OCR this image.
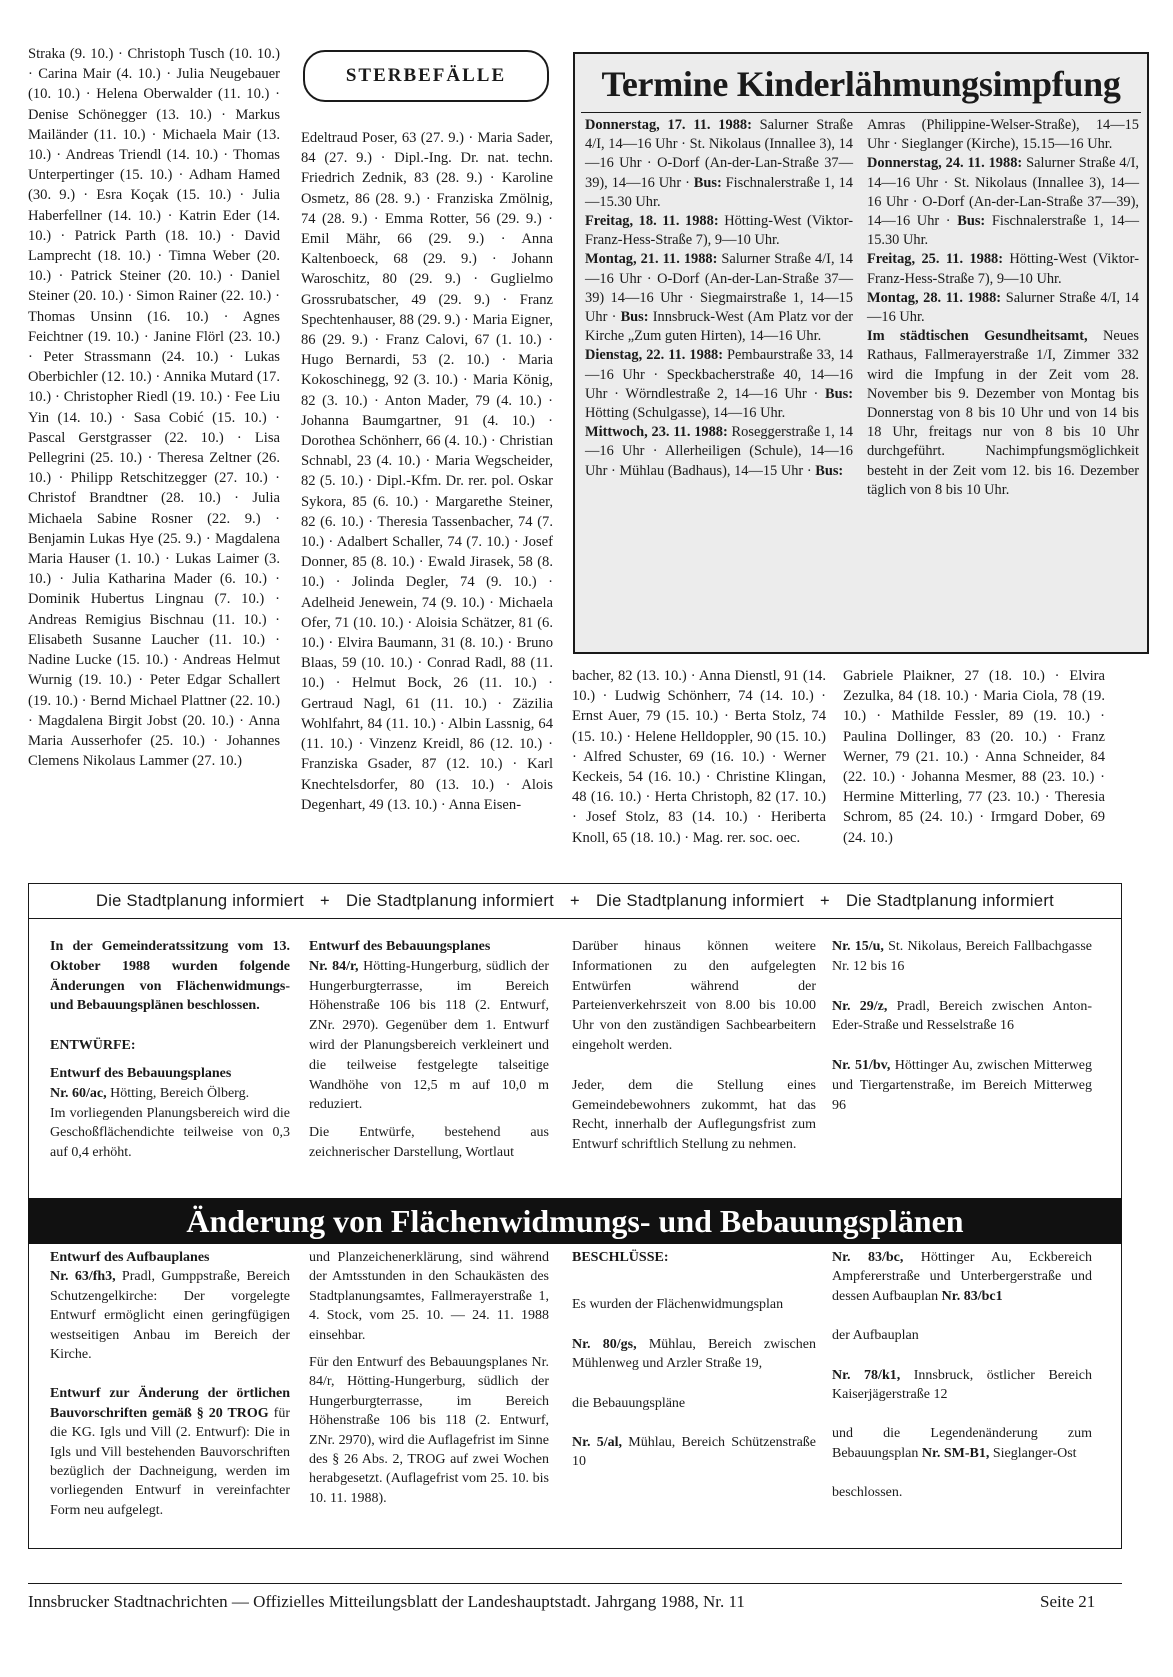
Straka (9. 10.) · Christoph Tusch (10. 10.) · Carina Mair (4. 10.) · Julia Neugebauer (10. 10.) · Helena Oberwalder (11. 10.) · Denise Schönegger (13. 10.) · Markus Mailänder (11. 10.) · Michaela Mair (13. 10.) · Andreas Triendl (14. 10.) · Thomas Unterpertinger (15. 10.) · Adham Hamed (30. 9.) · Esra Koçak (15. 10.) · Julia Haberfellner (14. 10.) · Katrin Eder (14. 10.) · Patrick Parth (18. 10.) · David Lamprecht (18. 10.) · Timna Weber (20. 10.) · Patrick Steiner (20. 10.) · Daniel Steiner (20. 10.) · Simon Rainer (22. 10.) · Thomas Unsinn (16. 10.) · Agnes Feichtner (19. 10.) · Janine Flörl (23. 10.) · Peter Strassmann (24. 10.) · Lukas Oberbichler (12. 10.) · Annika Mutard (17. 10.) · Christopher Riedl (19. 10.) · Fee Liu Yin (14. 10.) · Sasa Cobić (15. 10.) · Pascal Gerstgrasser (22. 10.) · Lisa Pellegrini (25. 10.) · Theresa Zeltner (26. 10.) · Philipp Retschitzegger (27. 10.) · Christof Brandtner (28. 10.) · Julia Michaela Sabine Rosner (22. 9.) · Benjamin Lukas Hye (25. 9.) · Magdalena Maria Hauser (1. 10.) · Lukas Laimer (3. 10.) · Julia Katharina Mader (6. 10.) · Dominik Hubertus Lingnau (7. 10.) · Andreas Remigius Bischnau (11. 10.) · Elisabeth Susanne Laucher (11. 10.) · Nadine Lucke (15. 10.) · Andreas Helmut Wurnig (19. 10.) · Peter Edgar Schallert (19. 10.) · Bernd Michael Plattner (22. 10.) · Magdalena Birgit Jobst (20. 10.) · Anna Maria Ausserhofer (25. 10.) · Johannes Clemens Nikolaus Lammer (27. 10.)

STERBEFÄLLE

Edeltraud Poser, 63 (27. 9.) · Maria Sader, 84 (27. 9.) · Dipl.-Ing. Dr. nat. techn. Friedrich Zednik, 83 (28. 9.) · Karoline Osmetz, 86 (28. 9.) · Franziska Zmölnig, 74 (28. 9.) · Emma Rotter, 56 (29. 9.) · Emil Mähr, 66 (29. 9.) · Anna Kaltenboeck, 68 (29. 9.) · Johann Waroschitz, 80 (29. 9.) · Guglielmo Grossrubatscher, 49 (29. 9.) · Franz Spechtenhauser, 88 (29. 9.) · Maria Eigner, 86 (29. 9.) · Franz Calovi, 67 (1. 10.) · Hugo Bernardi, 53 (2. 10.) · Maria Kokoschinegg, 92 (3. 10.) · Maria König, 82 (3. 10.) · Anton Mader, 79 (4. 10.) · Johanna Baumgartner, 91 (4. 10.) · Dorothea Schönherr, 66 (4. 10.) · Christian Schnabl, 23 (4. 10.) · Maria Wegscheider, 82 (5. 10.) · Dipl.-Kfm. Dr. rer. pol. Oskar Sykora, 85 (6. 10.) · Margarethe Steiner, 82 (6. 10.) · Theresia Tassenbacher, 74 (7. 10.) · Adalbert Schaller, 74 (7. 10.) · Josef Donner, 85 (8. 10.) · Ewald Jirasek, 58 (8. 10.) · Jolinda Degler, 74 (9. 10.) · Adelheid Jenewein, 74 (9. 10.) · Michaela Ofer, 71 (10. 10.) · Aloisia Schätzer, 81 (6. 10.) · Elvira Baumann, 31 (8. 10.) · Bruno Blaas, 59 (10. 10.) · Conrad Radl, 88 (11. 10.) · Helmut Bock, 26 (11. 10.) · Gertraud Nagl, 61 (11. 10.) · Zäzilia Wohlfahrt, 84 (11. 10.) · Albin Lassnig, 64 (11. 10.) · Vinzenz Kreidl, 86 (12. 10.) · Franziska Gsader, 87 (12. 10.) · Karl Knechtelsdorfer, 80 (13. 10.) · Alois Degenhart, 49 (13. 10.) · Anna Eisen-

Termine Kinderlähmungsimpfung

Donnerstag, 17. 11. 1988: Salurner Straße 4/I, 14—16 Uhr · St. Nikolaus (Innallee 3), 14—16 Uhr · O-Dorf (An-der-Lan-Straße 37—39), 14—16 Uhr · Bus: Fischnalerstraße 1, 14—15.30 Uhr.

Freitag, 18. 11. 1988: Hötting-West (Viktor-Franz-Hess-Straße 7), 9—10 Uhr.

Montag, 21. 11. 1988: Salurner Straße 4/I, 14—16 Uhr · O-Dorf (An-der-Lan-Straße 37—39) 14—16 Uhr · Siegmairstraße 1, 14—15 Uhr · Bus: Innsbruck-West (Am Platz vor der Kirche „Zum guten Hirten), 14—16 Uhr.

Dienstag, 22. 11. 1988: Pembaurstraße 33, 14—16 Uhr · Speckbacherstraße 40, 14—16 Uhr · Wörndlestraße 2, 14—16 Uhr · Bus: Hötting (Schulgasse), 14—16 Uhr.

Mittwoch, 23. 11. 1988: Roseggerstraße 1, 14—16 Uhr · Allerheiligen (Schule), 14—16 Uhr · Mühlau (Badhaus), 14—15 Uhr · Bus:

Amras (Philippine-Welser-Straße), 14—15 Uhr · Sieglanger (Kirche), 15.15—16 Uhr.

Donnerstag, 24. 11. 1988: Salurner Straße 4/I, 14—16 Uhr · St. Nikolaus (Innallee 3), 14—16 Uhr · O-Dorf (An-der-Lan-Straße 37—39), 14—16 Uhr · Bus: Fischnalerstraße 1, 14—15.30 Uhr.

Freitag, 25. 11. 1988: Hötting-West (Viktor-Franz-Hess-Straße 7), 9—10 Uhr.

Montag, 28. 11. 1988: Salurner Straße 4/I, 14—16 Uhr.

Im städtischen Gesundheitsamt, Neues Rathaus, Fallmerayerstraße 1/I, Zimmer 332 wird die Impfung in der Zeit vom 28. November bis 9. Dezember von Montag bis Donnerstag von 8 bis 10 Uhr und von 14 bis 18 Uhr, freitags nur von 8 bis 10 Uhr durchgeführt. Nachimpfungsmöglichkeit besteht in der Zeit vom 12. bis 16. Dezember täglich von 8 bis 10 Uhr.

bacher, 82 (13. 10.) · Anna Dienstl, 91 (14. 10.) · Ludwig Schönherr, 74 (14. 10.) · Ernst Auer, 79 (15. 10.) · Berta Stolz, 74 (15. 10.) · Helene Helldoppler, 90 (15. 10.) · Alfred Schuster, 69 (16. 10.) · Werner Keckeis, 54 (16. 10.) · Christine Klingan, 48 (16. 10.) · Herta Christoph, 82 (17. 10.) · Josef Stolz, 83 (14. 10.) · Heriberta Knoll, 65 (18. 10.) · Mag. rer. soc. oec.

Gabriele Plaikner, 27 (18. 10.) · Elvira Zezulka, 84 (18. 10.) · Maria Ciola, 78 (19. 10.) · Mathilde Fessler, 89 (19. 10.) · Paulina Dollinger, 83 (20. 10.) · Franz Werner, 79 (21. 10.) · Anna Schneider, 84 (22. 10.) · Johanna Mesmer, 88 (23. 10.) · Hermine Mitterling, 77 (23. 10.) · Theresia Schrom, 85 (24. 10.) · Irmgard Dober, 69 (24. 10.)

Die Stadtplanung informiert + Die Stadtplanung informiert + Die Stadtplanung informiert + Die Stadtplanung informiert

In der Gemeinderatssitzung vom 13. Oktober 1988 wurden folgende Änderungen von Flächenwidmungs- und Bebauungsplänen beschlossen.

ENTWÜRFE:

Entwurf des Bebauungsplanes

Nr. 60/ac, Hötting, Bereich Ölberg.

Im vorliegenden Planungsbereich wird die Geschoßflächendichte teilweise von 0,3 auf 0,4 erhöht.

Entwurf des Bebauungsplanes

Nr. 84/r, Hötting-Hungerburg, südlich der Hungerburgterrasse, im Bereich Höhenstraße 106 bis 118 (2. Entwurf, ZNr. 2970). Gegenüber dem 1. Entwurf wird der Planungsbereich verkleinert und die teilweise festgelegte talseitige Wandhöhe von 12,5 m auf 10,0 m reduziert.

Die Entwürfe, bestehend aus zeichnerischer Darstellung, Wortlaut

Darüber hinaus können weitere Informationen zu den aufgelegten Entwürfen während der Parteienverkehrszeit von 8.00 bis 10.00 Uhr von den zuständigen Sachbearbeitern eingeholt werden.

Jeder, dem die Stellung eines Gemeindebewohners zukommt, hat das Recht, innerhalb der Auflegungsfrist zum Entwurf schriftlich Stellung zu nehmen.

Nr. 15/u, St. Nikolaus, Bereich Fallbachgasse Nr. 12 bis 16

Nr. 29/z, Pradl, Bereich zwischen Anton-Eder-Straße und Resselstraße 16

Nr. 51/bv, Höttinger Au, zwischen Mitterweg und Tiergartenstraße, im Bereich Mitterweg 96

Änderung von Flächenwidmungs- und Bebauungsplänen

Entwurf des Aufbauplanes

Nr. 63/fh3, Pradl, Gumppstraße, Bereich Schutzengelkirche: Der vorgelegte Entwurf ermöglicht einen geringfügigen westseitigen Anbau im Bereich der Kirche.

Entwurf zur Änderung der örtlichen Bauvorschriften gemäß § 20 TROG für die KG. Igls und Vill (2. Entwurf): Die in Igls und Vill bestehenden Bauvorschriften bezüglich der Dachneigung, werden im vorliegenden Entwurf in vereinfachter Form neu aufgelegt.

und Planzeichenerklärung, sind während der Amtsstunden in den Schaukästen des Stadtplanungsamtes, Fallmerayerstraße 1, 4. Stock, vom 25. 10. — 24. 11. 1988 einsehbar.

Für den Entwurf des Bebauungsplanes Nr. 84/r, Hötting-Hungerburg, südlich der Hungerburgterrasse, im Bereich Höhenstraße 106 bis 118 (2. Entwurf, ZNr. 2970), wird die Auflagefrist im Sinne des § 26 Abs. 2, TROG auf zwei Wochen herabgesetzt. (Auflagefrist vom 25. 10. bis 10. 11. 1988).

BESCHLÜSSE:

Es wurden der Flächenwidmungsplan

Nr. 80/gs, Mühlau, Bereich zwischen Mühlenweg und Arzler Straße 19,

die Bebauungspläne

Nr. 5/al, Mühlau, Bereich Schützenstraße 10

Nr. 83/bc, Höttinger Au, Eckbereich Ampfererstraße und Unterbergerstraße und dessen Aufbauplan Nr. 83/bc1

der Aufbauplan

Nr. 78/k1, Innsbruck, östlicher Bereich Kaiserjägerstraße 12

und die Legendenänderung zum Bebauungsplan Nr. SM-B1, Sieglanger-Ost

beschlossen.

Innsbrucker Stadtnachrichten — Offizielles Mitteilungsblatt der Landeshauptstadt. Jahrgang 1988, Nr. 11	Seite 21
